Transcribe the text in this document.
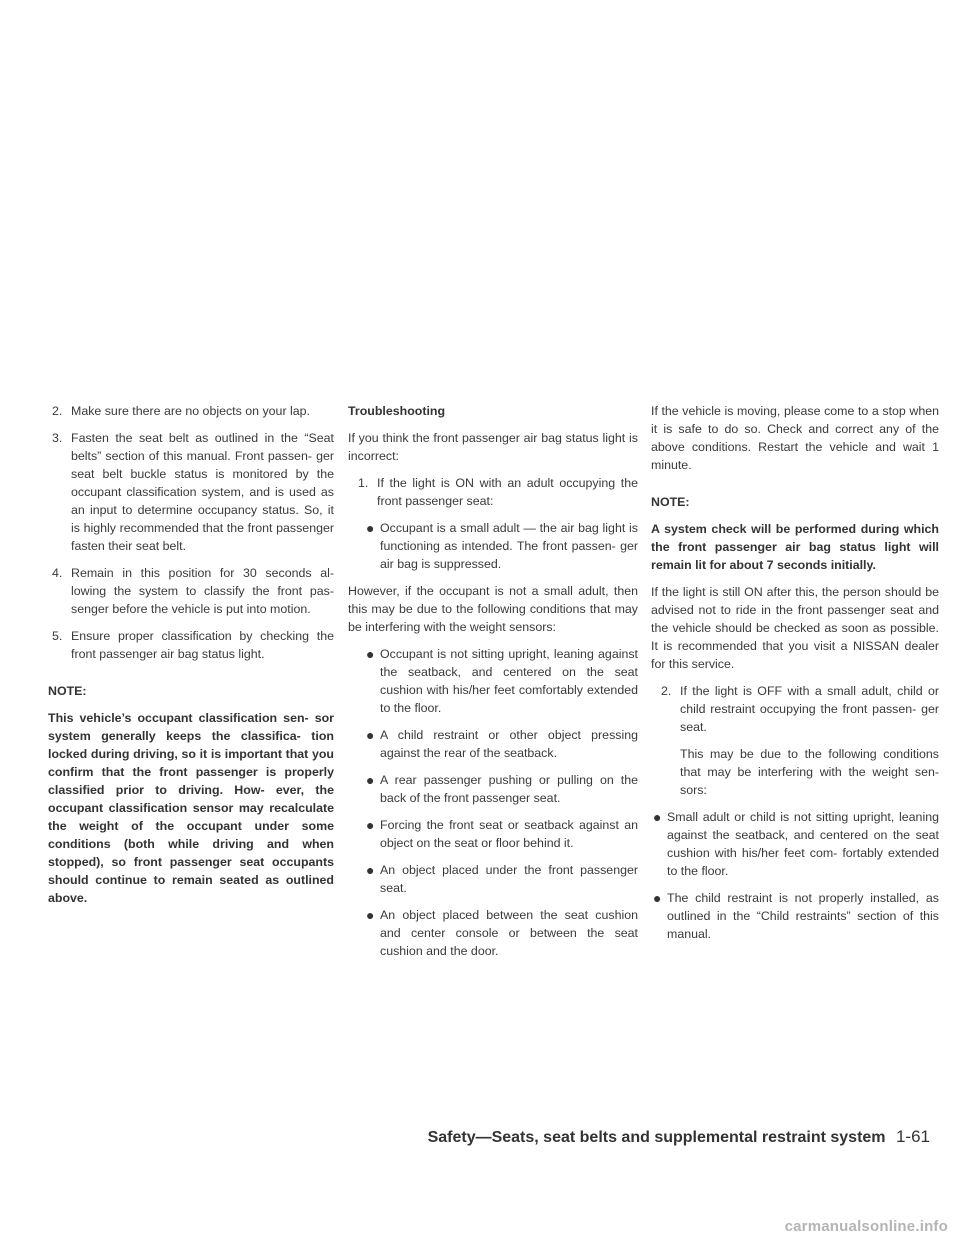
2. Make sure there are no objects on your lap.
3. Fasten the seat belt as outlined in the “Seat belts” section of this manual. Front passen- ger seat belt buckle status is monitored by the occupant classification system, and is used as an input to determine occupancy status. So, it is highly recommended that the front passenger fasten their seat belt.
4. Remain in this position for 30 seconds al- lowing the system to classify the front pas- senger before the vehicle is put into motion.
5. Ensure proper classification by checking the front passenger air bag status light.

NOTE:

This vehicle’s occupant classification sen- sor system generally keeps the classifica- tion locked during driving, so it is important that you confirm that the front passenger is properly classified prior to driving. How- ever, the occupant classification sensor may recalculate the weight of the occupant under some conditions (both while driving and when stopped), so front passenger seat occupants should continue to remain seated as outlined above.

Troubleshooting

If you think the front passenger air bag status light is incorrect:

1. If the light is ON with an adult occupying the front passenger seat:
● Occupant is a small adult — the air bag light is functioning as intended. The front passen- ger air bag is suppressed.

However, if the occupant is not a small adult, then this may be due to the following conditions that may be interfering with the weight sensors:

● Occupant is not sitting upright, leaning against the seatback, and centered on the seat cushion with his/her feet comfortably extended to the floor.
● A child restraint or other object pressing against the rear of the seatback.
● A rear passenger pushing or pulling on the back of the front passenger seat.
● Forcing the front seat or seatback against an object on the seat or floor behind it.
● An object placed under the front passenger seat.
● An object placed between the seat cushion and center console or between the seat cushion and the door.

If the vehicle is moving, please come to a stop when it is safe to do so. Check and correct any of the above conditions. Restart the vehicle and wait 1 minute.

NOTE:

A system check will be performed during which the front passenger air bag status light will remain lit for about 7 seconds initially.

If the light is still ON after this, the person should be advised not to ride in the front passenger seat and the vehicle should be checked as soon as possible. It is recommended that you visit a NISSAN dealer for this service.

2. If the light is OFF with a small adult, child or child restraint occupying the front passen- ger seat.

This may be due to the following conditions that may be interfering with the weight sen- sors:

● Small adult or child is not sitting upright, leaning against the seatback, and centered on the seat cushion with his/her feet com- fortably extended to the floor.
● The child restraint is not properly installed, as outlined in the “Child restraints” section of this manual.
Safety—Seats, seat belts and supplemental restraint system 1-61
carmanualsonline.info
